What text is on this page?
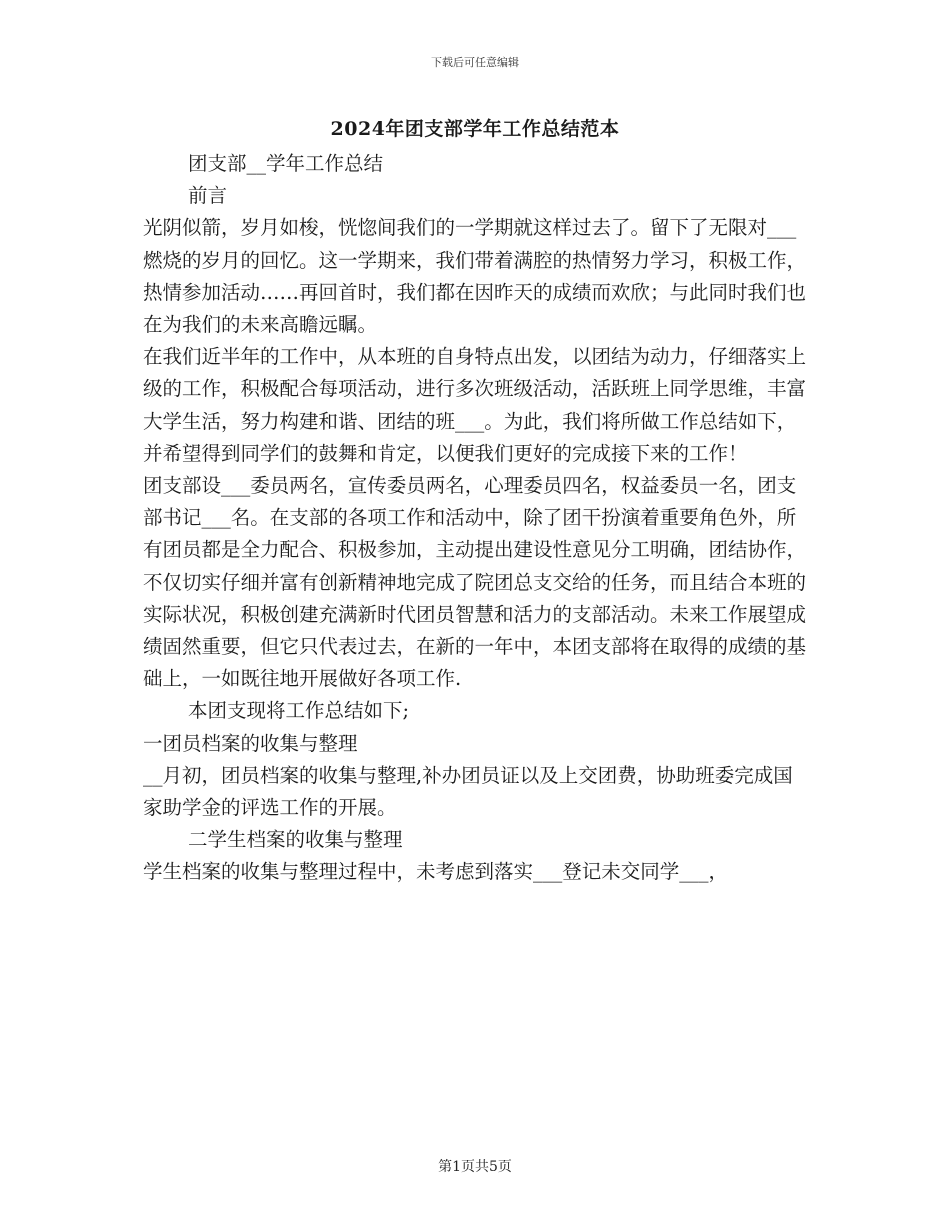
下载后可任意编辑
2024年团支部学年工作总结范本

团支部__学年工作总结

前言

光阴似箭，岁月如梭，恍惚间我们的一学期就这样过去了。留下了无限对___燃烧的岁月的回忆。这一学期来，我们带着满腔的热情努力学习，积极工作，热情参加活动……再回首时，我们都在因昨天的成绩而欢欣；与此同时我们也在为我们的未来高瞻远瞩。

在我们近半年的工作中，从本班的自身特点出发，以团结为动力，仔细落实上级的工作，积极配合每项活动，进行多次班级活动，活跃班上同学思维，丰富大学生活，努力构建和谐、团结的班___。为此，我们将所做工作总结如下，并希望得到同学们的鼓舞和肯定，以便我们更好的完成接下来的工作！

团支部设___委员两名，宣传委员两名，心理委员四名，权益委员一名，团支部书记___名。在支部的各项工作和活动中，除了团干扮演着重要角色外，所有团员都是全力配合、积极参加，主动提出建设性意见分工明确，团结协作，不仅切实仔细并富有创新精神地完成了院团总支交给的任务，而且结合本班的实际状况，积极创建充满新时代团员智慧和活力的支部活动。未来工作展望成绩固然重要，但它只代表过去，在新的一年中，本团支部将在取得的成绩的基础上，一如既往地开展做好各项工作.

本团支现将工作总结如下;

一团员档案的收集与整理

__月初，团员档案的收集与整理,补办团员证以及上交团费，协助班委完成国家助学金的评选工作的开展。

二学生档案的收集与整理

学生档案的收集与整理过程中，未考虑到落实___登记未交同学___，

第1页共5页
